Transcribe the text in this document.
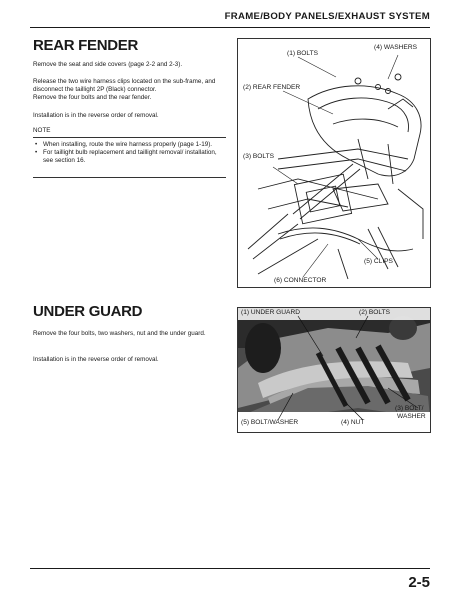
FRAME/BODY PANELS/EXHAUST SYSTEM
REAR FENDER
Remove the seat and side covers (page 2-2 and 2-3).
Release the two wire harness clips located on the sub-frame, and disconnect the taillight 2P (Black) connector.
Remove the four bolts and the rear fender.
Installation is in the reverse order of removal.
NOTE
• When installing, route the wire harness properly (page 1-19).
• For taillight bulb replacement and taillight removal/ installation, see section 16.
(1) BOLTS
(4) WASHERS
(2) REAR FENDER
(3) BOLTS
(5) CLIPS
(6) CONNECTOR
UNDER GUARD
Remove the four bolts, two washers, nut and the under guard.
Installation is in the reverse order of removal.
(1) UNDER GUARD	(2) BOLTS
(3) BOLT/
WASHER
(5) BOLT/WASHER	(4) NUT
2-5
